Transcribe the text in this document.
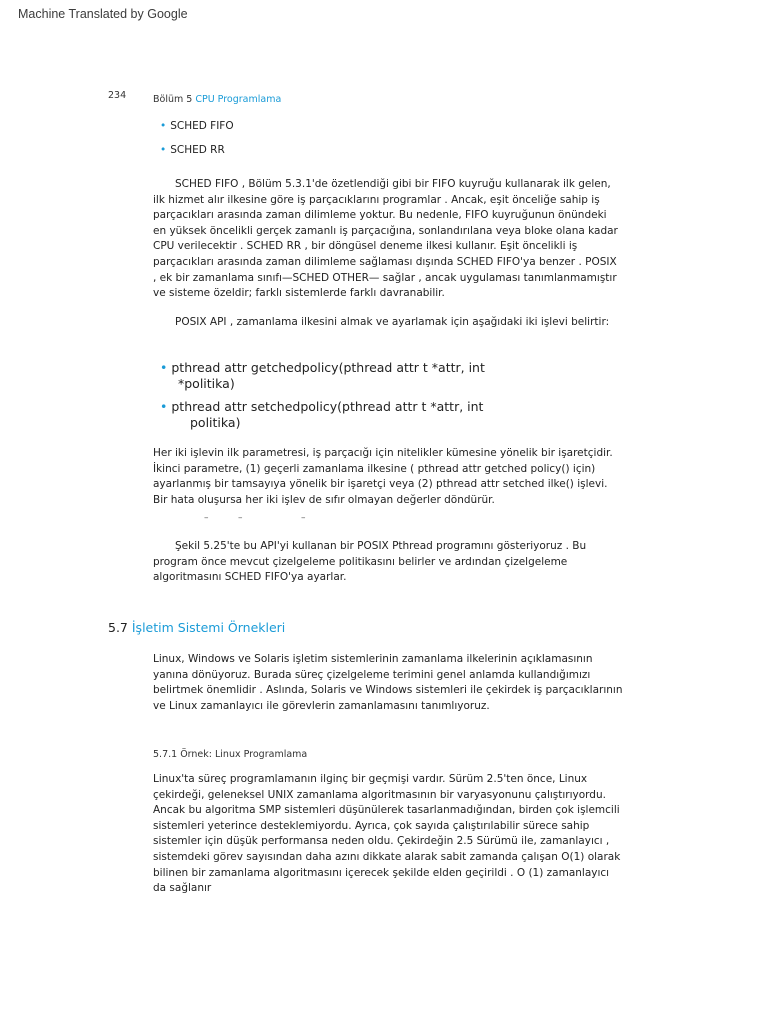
Machine Translated by Google
234	Bölüm 5 CPU Programlama
• SCHED FIFO
• SCHED RR

SCHED FIFO , Bölüm 5.3.1'de özetlendiği gibi bir FIFO kuyruğu kullanarak ilk gelen, ilk hizmet alır ilkesine göre iş parçacıklarını programlar . Ancak, eşit önceliğe sahip iş parçacıkları arasında zaman dilimleme yoktur. Bu nedenle, FIFO kuyruğunun önündeki en yüksek öncelikli gerçek zamanlı iş parçacığına, sonlandırılana veya bloke olana kadar CPU verilecektir . SCHED RR , bir döngüsel deneme ilkesi kullanır. Eşit öncelikli iş parçacıkları arasında zaman dilimleme sağlaması dışında SCHED FIFO'ya benzer . POSIX , ek bir zamanlama sınıfı—SCHED OTHER— sağlar , ancak uygulaması tanımlanmamıştır ve sisteme özeldir; farklı sistemlerde farklı davranabilir.

POSIX API , zamanlama ilkesini almak ve ayarlamak için aşağıdaki iki işlevi belirtir:

• pthread attr getchedpolicy(pthread attr t *attr, int
*politika)
• pthread attr setchedpolicy(pthread attr t *attr, int
politika)

Her iki işlevin ilk parametresi, iş parçacığı için nitelikler kümesine yönelik bir işaretçidir. İkinci parametre, (1) geçerli zamanlama ilkesine ( pthread attr getched policy() için) ayarlanmış bir tamsayıya yönelik bir işaretçi veya (2) pthread attr setched ilke() işlevi. Bir hata oluşursa her iki işlev de sıfır olmayan değerler döndürür.

–	–	–

Şekil 5.25'te bu API'yi kullanan bir POSIX Pthread programını gösteriyoruz . Bu program önce mevcut çizelgeleme politikasını belirler ve ardından çizelgeleme algoritmasını SCHED FIFO'ya ayarlar.

5.7 İşletim Sistemi Örnekleri

Linux, Windows ve Solaris işletim sistemlerinin zamanlama ilkelerinin açıklamasının yanına dönüyoruz. Burada süreç çizelgeleme terimini genel anlamda kullandığımızı belirtmek önemlidir . Aslında, Solaris ve Windows sistemleri ile çekirdek iş parçacıklarının ve Linux zamanlayıcı ile görevlerin zamanlamasını tanımlıyoruz.

5.7.1 Örnek: Linux Programlama

Linux'ta süreç programlamanın ilginç bir geçmişi vardır. Sürüm 2.5'ten önce, Linux çekirdeği, geleneksel UNIX zamanlama algoritmasının bir varyasyonunu çalıştırıyordu. Ancak bu algoritma SMP sistemleri düşünülerek tasarlanmadığından, birden çok işlemcili sistemleri yeterince desteklemiyordu. Ayrıca, çok sayıda çalıştırılabilir sürece sahip sistemler için düşük performansa neden oldu. Çekirdeğin 2.5 Sürümü ile, zamanlayıcı , sistemdeki görev sayısından daha azını dikkate alarak sabit zamanda çalışan O(1) olarak bilinen bir zamanlama algoritmasını içerecek şekilde elden geçirildi . O (1) zamanlayıcı da sağlanır
